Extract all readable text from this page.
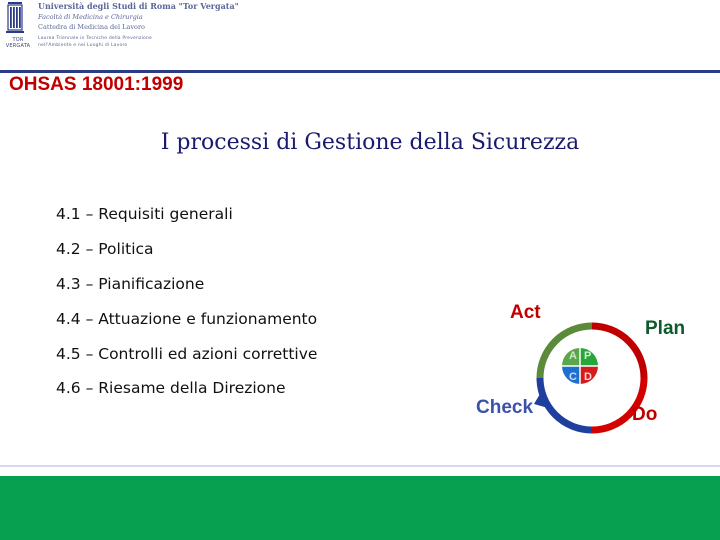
TOR VERGATA
Università degli Studi di Roma "Tor Vergata"
Facoltà di Medicina e Chirurgia
Cattedra di Medicina del Lavoro
Laurea Triennale in Tecniche della Prevenzione
nell'Ambiente e nei Luoghi di Lavoro
OHSAS 18001:1999
I processi di Gestione della Sicurezza
4.1 – Requisiti generali
4.2 – Politica
4.3 – Pianificazione
4.4 – Attuazione e funzionamento
4.5 – Controlli ed azioni correttive
4.6 – Riesame della Direzione
A P
C D
Act
Plan
Do
Check
